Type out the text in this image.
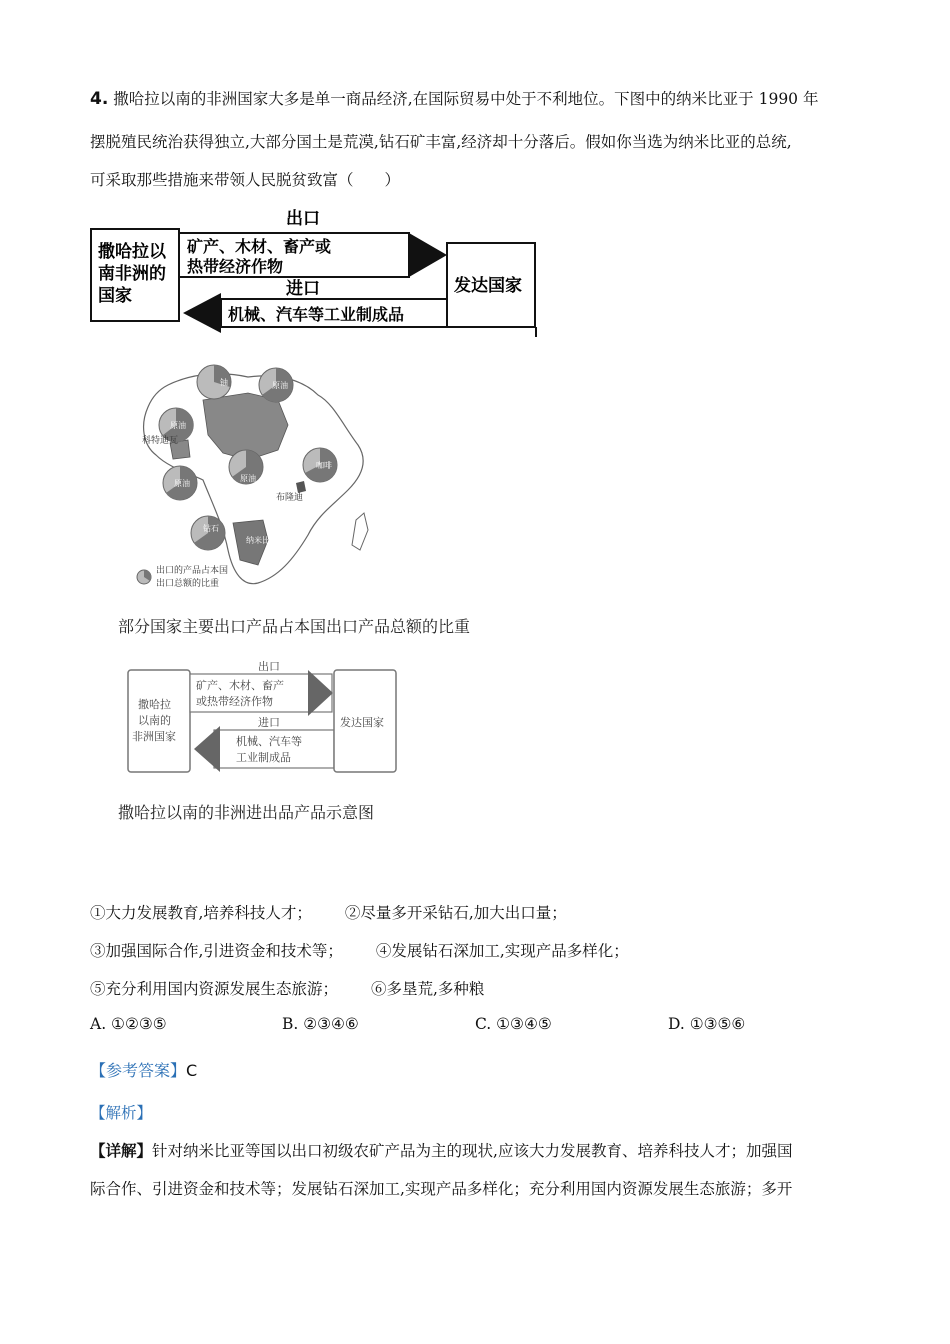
4. 撒哈拉以南的非洲国家大多是单一商品经济,在国际贸易中处于不利地位。下图中的纳米比亚于 1990 年
摆脱殖民统治获得独立,大部分国土是荒漠,钻石矿丰富,经济却十分落后。假如你当选为纳米比亚的总统,
可采取那些措施来带领人民脱贫致富（　　）
撒哈拉以
南非洲的
国家
出口
矿产、木材、畜产或
热带经济作物
进口
机械、汽车等工业制成品
发达国家
铀	原油
原油
原油
原油
咖啡
钻石
科特迪瓦
布隆迪
纳米比亚
出口的产品占本国
出口总额的比重
部分国家主要出口产品占本国出口产品总额的比重
撒哈拉
以南的
非洲国家
出口
矿产、木材、畜产
或热带经济作物
进口
机械、汽车等
工业制成品
发达国家
撒哈拉以南的非洲进出品产品示意图
①大力发展教育,培养科技人才； ②尽量多开采钻石,加大出口量；
③加强国际合作,引进资金和技术等； ④发展钻石深加工,实现产品多样化；
⑤充分利用国内资源发展生态旅游； ⑥多垦荒,多种粮
A. ①②③⑤	B. ②③④⑥	C. ①③④⑤	D. ①③⑤⑥
【参考答案】C
【解析】
【详解】针对纳米比亚等国以出口初级农矿产品为主的现状,应该大力发展教育、培养科技人才；加强国
际合作、引进资金和技术等；发展钻石深加工,实现产品多样化；充分利用国内资源发展生态旅游；多开
